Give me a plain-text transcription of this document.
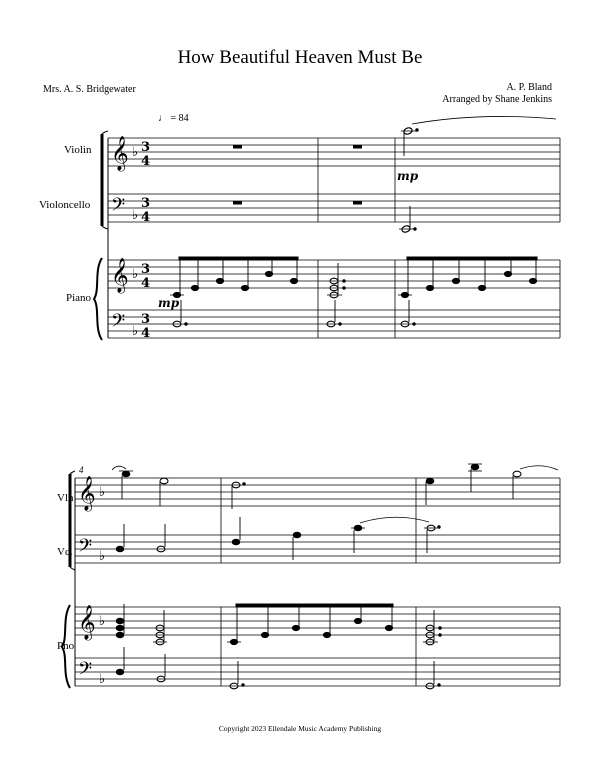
How Beautiful Heaven Must Be
Mrs. A. S. Bridgewater	A. P. Bland
Arranged by Shane Jenkins
♩ = 84
Violin
Violoncello
Piano
Vln
Vc.
Pno
4
Copyright 2023 Ellendale Music Academy Publishing
𝄞
𝄢
𝄞
𝄢
♭
♭
♭
♭
3
4
3
4
3
4
3
4
𝄞
𝄢
𝄞
𝄢
♭
♭
♭
♭
mp
mp
